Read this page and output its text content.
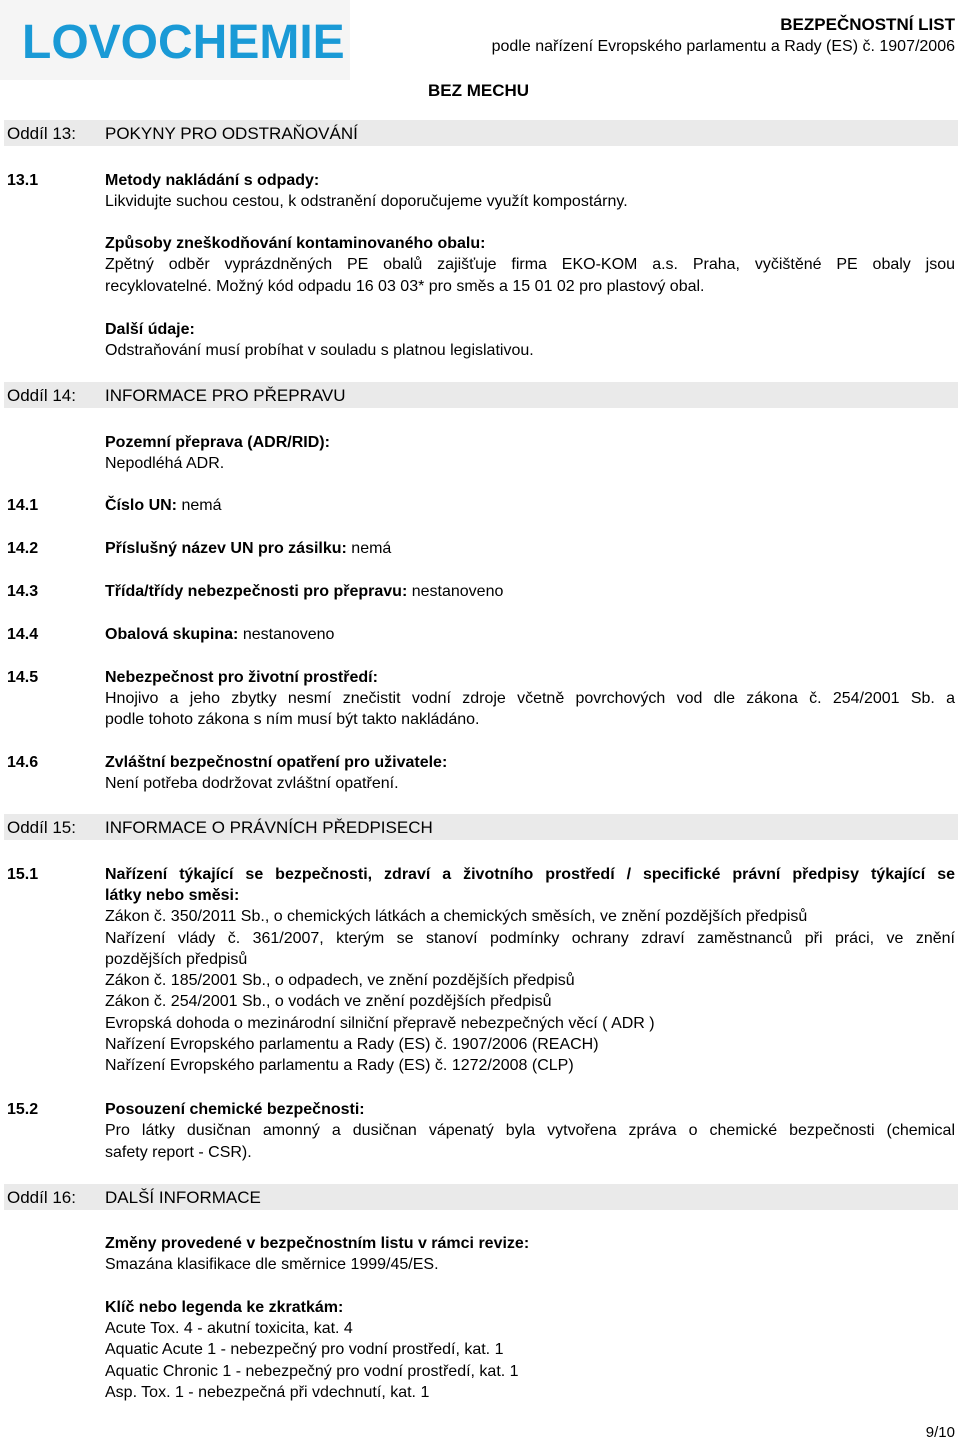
LOVOCHEMIE	BEZPEČNOSTNÍ LIST
podle nařízení Evropského parlamentu a Rady (ES) č. 1907/2006
BEZ MECHU
Oddíl 13: POKYNY PRO ODSTRAŇOVÁNÍ
13.1	Metody nakládání s odpady:
Likvidujte suchou cestou, k odstranění doporučujeme využít kompostárny.
Způsoby zneškodňování kontaminovaného obalu:
Zpětný odběr vyprázdněných PE obalů zajišťuje firma EKO-KOM a.s. Praha, vyčištěné PE obaly jsou
recyklovatelné. Možný kód odpadu 16 03 03* pro směs a 15 01 02 pro plastový obal.
Další údaje:
Odstraňování musí probíhat v souladu s platnou legislativou.
Oddíl 14: INFORMACE PRO PŘEPRAVU
Pozemní přeprava (ADR/RID):
Nepodléhá ADR.
14.1	Číslo UN: nemá
14.2	Příslušný název UN pro zásilku: nemá
14.3	Třída/třídy nebezpečnosti pro přepravu: nestanoveno
14.4	Obalová skupina: nestanoveno
14.5	Nebezpečnost pro životní prostředí:
Hnojivo a jeho zbytky nesmí znečistit vodní zdroje včetně povrchových vod dle zákona č. 254/2001 Sb. a
podle tohoto zákona s ním musí být takto nakládáno.
14.6	Zvláštní bezpečnostní opatření pro uživatele:
Není potřeba dodržovat zvláštní opatření.
Oddíl 15: INFORMACE O PRÁVNÍCH PŘEDPISECH
15.1	Nařízení týkající se bezpečnosti, zdraví a životního prostředí / specifické právní předpisy týkající se
látky nebo směsi:
Zákon č. 350/2011 Sb., o chemických látkách a chemických směsích, ve znění pozdějších předpisů
Nařízení vlády č. 361/2007, kterým se stanoví podmínky ochrany zdraví zaměstnanců při práci, ve znění
pozdějších předpisů
Zákon č. 185/2001 Sb., o odpadech, ve znění pozdějších předpisů
Zákon č. 254/2001 Sb., o vodách ve znění pozdějších předpisů
Evropská dohoda o mezinárodní silniční přepravě nebezpečných věcí ( ADR )
Nařízení Evropského parlamentu a Rady (ES) č. 1907/2006 (REACH)
Nařízení Evropského parlamentu a Rady (ES) č. 1272/2008 (CLP)
15.2	Posouzení chemické bezpečnosti:
Pro látky dusičnan amonný a dusičnan vápenatý byla vytvořena zpráva o chemické bezpečnosti (chemical
safety report - CSR).
Oddíl 16: DALŠÍ INFORMACE
Změny provedené v bezpečnostním listu v rámci revize:
Smazána klasifikace dle směrnice 1999/45/ES.
Klíč nebo legenda ke zkratkám:
Acute Tox. 4 - akutní toxicita, kat. 4
Aquatic Acute 1 - nebezpečný pro vodní prostředí, kat. 1
Aquatic Chronic 1 - nebezpečný pro vodní prostředí, kat. 1
Asp. Tox. 1 - nebezpečná při vdechnutí, kat. 1
9/10
